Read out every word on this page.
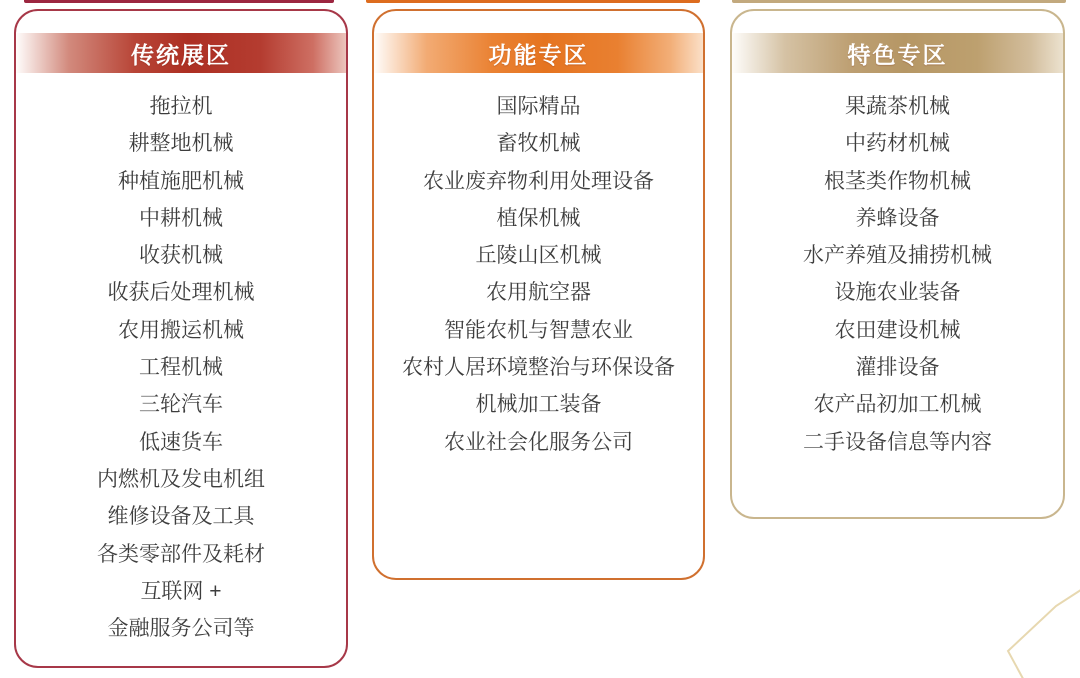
传统展区
拖拉机
耕整地机械
种植施肥机械
中耕机械
收获机械
收获后处理机械
农用搬运机械
工程机械
三轮汽车
低速货车
内燃机及发电机组
维修设备及工具
各类零部件及耗材
互联网 +
金融服务公司等
功能专区
国际精品
畜牧机械
农业废弃物利用处理设备
植保机械
丘陵山区机械
农用航空器
智能农机与智慧农业
农村人居环境整治与环保设备
机械加工装备
农业社会化服务公司
特色专区
果蔬茶机械
中药材机械
根茎类作物机械
养蜂设备
水产养殖及捕捞机械
设施农业装备
农田建设机械
灌排设备
农产品初加工机械
二手设备信息等内容
